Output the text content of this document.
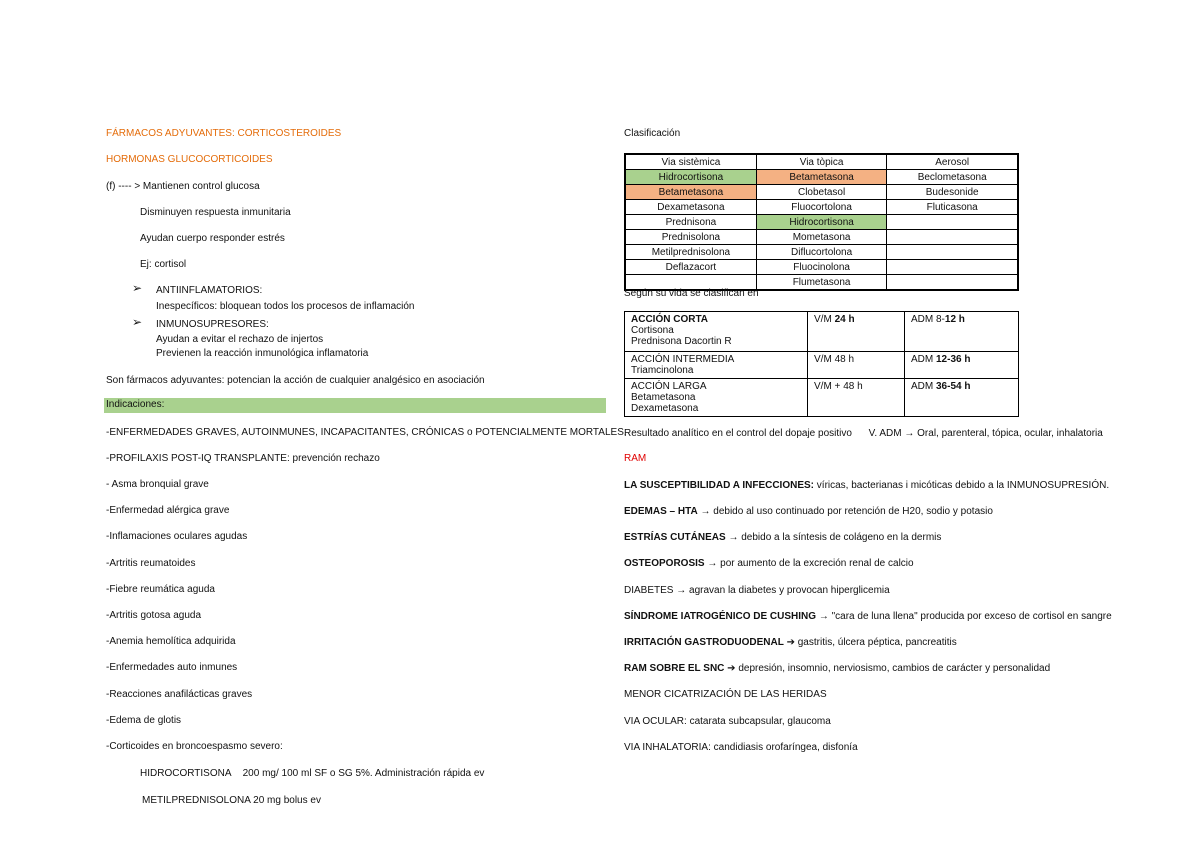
FÁRMACOS ADYUVANTES: CORTICOSTEROIDES
HORMONAS GLUCOCORTICOIDES
(f) ---- > Mantienen control glucosa
Disminuyen respuesta inmunitaria
Ayudan cuerpo responder estrés
Ej: cortisol
➢ ANTIINFLAMATORIOS:
Inespecíficos: bloquean todos los procesos de inflamación
➢ INMUNOSUPRESORES:
Ayudan a evitar el rechazo de injertos
Previenen la reacción inmunológica inflamatoria
Son fármacos adyuvantes: potencian la acción de cualquier analgésico en asociación
Indicaciones:
-ENFERMEDADES GRAVES, AUTOINMUNES, INCAPACITANTES, CRÓNICAS o POTENCIALMENTE MORTALES.
-PROFILAXIS POST-IQ TRANSPLANTE: prevención rechazo
- Asma bronquial grave
-Enfermedad alérgica grave
-Inflamaciones oculares agudas
-Artritis reumatoides
-Fiebre reumática aguda
-Artritis gotosa aguda
-Anemia hemolítica adquirida
-Enfermedades auto inmunes
-Reacciones anafilácticas graves
-Edema de glotis
-Corticoides en broncoespasmo severo:
HIDROCORTISONA 200 mg/ 100 ml SF o SG 5%. Administración rápida ev
METILPREDNISOLONA 20 mg bolus ev
Clasificación
Via sistèmica	Via tòpica	Aerosol
Hidrocortisona	Betametasona	Beclometasona
Betametasona	Clobetasol	Budesonide
Dexametasona	Fluocortolona	Fluticasona
Prednisona	Hidrocortisona	
Prednisolona	Mometasona	
Metilprednisolona	Diflucortolona	
Deflazacort	Fluocinolona	
	Flumetasona	
Según su vida se clasifican en
ACCIÓN CORTA
Cortisona
Prednisona Dacortin R	V/M 24 h	ADM 8-12 h

ACCIÓN INTERMEDIA
Triamcinolona	V/M 48 h	ADM 12-36 h

ACCIÓN LARGA
Betametasona
Dexametasona	V/M + 48 h	ADM 36-54 h
Resultado analítico en el control del dopaje positivo V. ADM → Oral, parenteral, tópica, ocular, inhalatoria
RAM
LA SUSCEPTIBILIDAD A INFECCIONES: víricas, bacterianas i micóticas debido a la INMUNOSUPRESIÓN.
EDEMAS – HTA → debido al uso continuado por retención de H20, sodio y potasio
ESTRÍAS CUTÁNEAS → debido a la síntesis de colágeno en la dermis
OSTEOPOROSIS → por aumento de la excreción renal de calcio
DIABETES → agravan la diabetes y provocan hiperglicemia
SÍNDROME IATROGÉNICO DE CUSHING → "cara de luna llena" producida por exceso de cortisol en sangre
IRRITACIÓN GASTRODUODENAL ➔ gastritis, úlcera péptica, pancreatitis
RAM SOBRE EL SNC ➔ depresión, insomnio, nerviosismo, cambios de carácter y personalidad
MENOR CICATRIZACIÓN DE LAS HERIDAS
VIA OCULAR: catarata subcapsular, glaucoma
VIA INHALATORIA: candidiasis orofaríngea, disfonía
